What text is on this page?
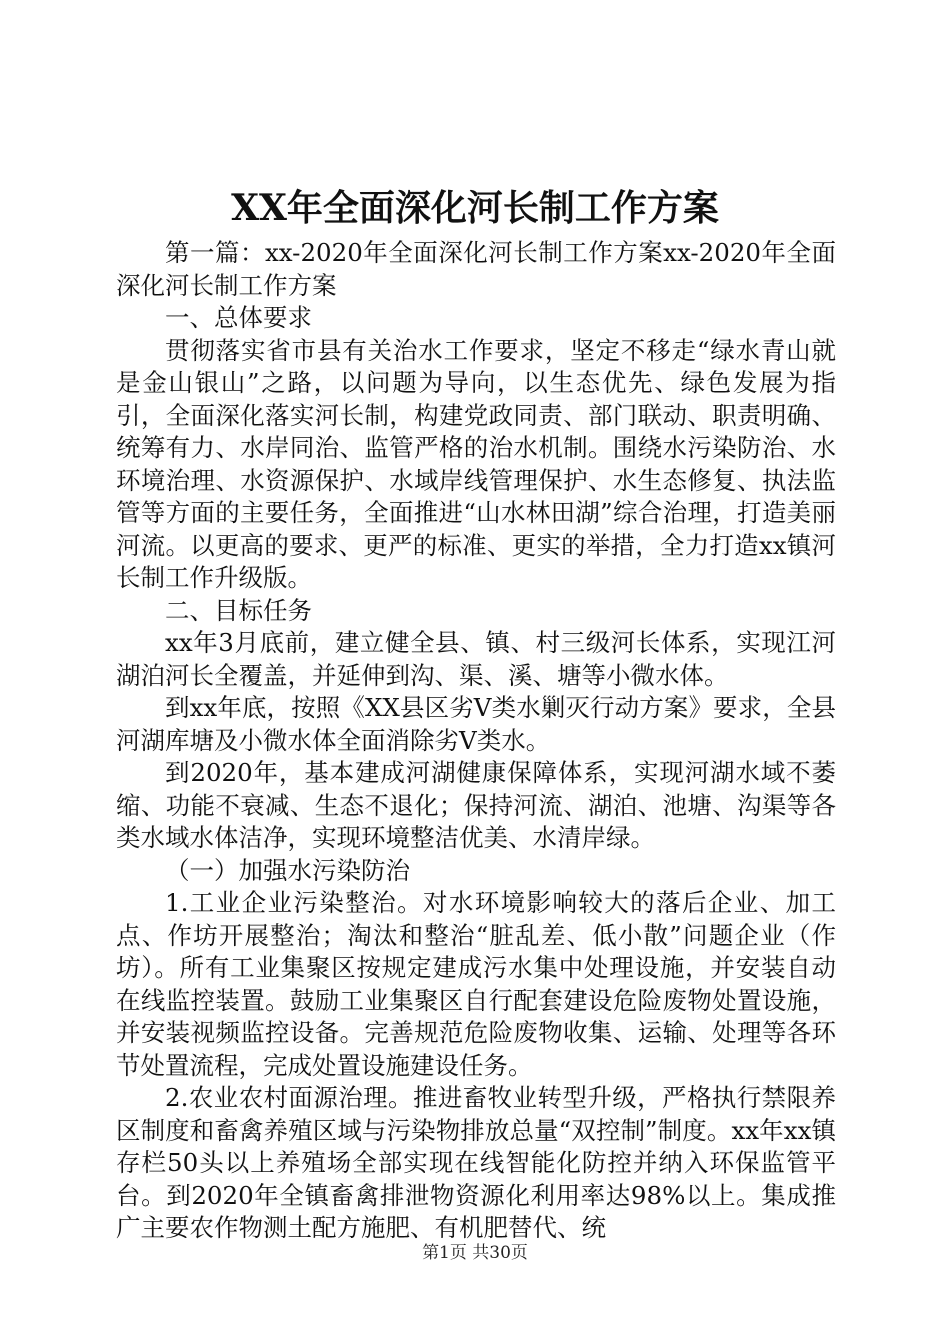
XX年全面深化河长制工作方案

第一篇：xx-2020年全面深化河长制工作方案xx-2020年全面深化河长制工作方案

一、总体要求

贯彻落实省市县有关治水工作要求，坚定不移走“绿水青山就是金山银山”之路，以问题为导向，以生态优先、绿色发展为指引，全面深化落实河长制，构建党政同责、部门联动、职责明确、统筹有力、水岸同治、监管严格的治水机制。围绕水污染防治、水环境治理、水资源保护、水域岸线管理保护、水生态修复、执法监管等方面的主要任务，全面推进“山水林田湖”综合治理，打造美丽河流。以更高的要求、更严的标准、更实的举措，全力打造xx镇河长制工作升级版。

二、目标任务

xx年3月底前，建立健全县、镇、村三级河长体系，实现江河湖泊河长全覆盖，并延伸到沟、渠、溪、塘等小微水体。

到xx年底，按照《XX县区劣Ⅴ类水剿灭行动方案》要求，全县河湖库塘及小微水体全面消除劣Ⅴ类水。

到2020年，基本建成河湖健康保障体系，实现河湖水域不萎缩、功能不衰减、生态不退化；保持河流、湖泊、池塘、沟渠等各类水域水体洁净，实现环境整洁优美、水清岸绿。

（一）加强水污染防治

1.工业企业污染整治。对水环境影响较大的落后企业、加工点、作坊开展整治；淘汰和整治“脏乱差、低小散”问题企业（作坊）。所有工业集聚区按规定建成污水集中处理设施，并安装自动在线监控装置。鼓励工业集聚区自行配套建设危险废物处置设施，并安装视频监控设备。完善规范危险废物收集、运输、处理等各环节处置流程，完成处置设施建设任务。

2.农业农村面源治理。推进畜牧业转型升级，严格执行禁限养区制度和畜禽养殖区域与污染物排放总量“双控制”制度。xx年xx镇存栏50头以上养殖场全部实现在线智能化防控并纳入环保监管平台。到2020年全镇畜禽排泄物资源化利用率达98%以上。集成推广主要农作物测土配方施肥、有机肥替代、统

第1页 共30页
